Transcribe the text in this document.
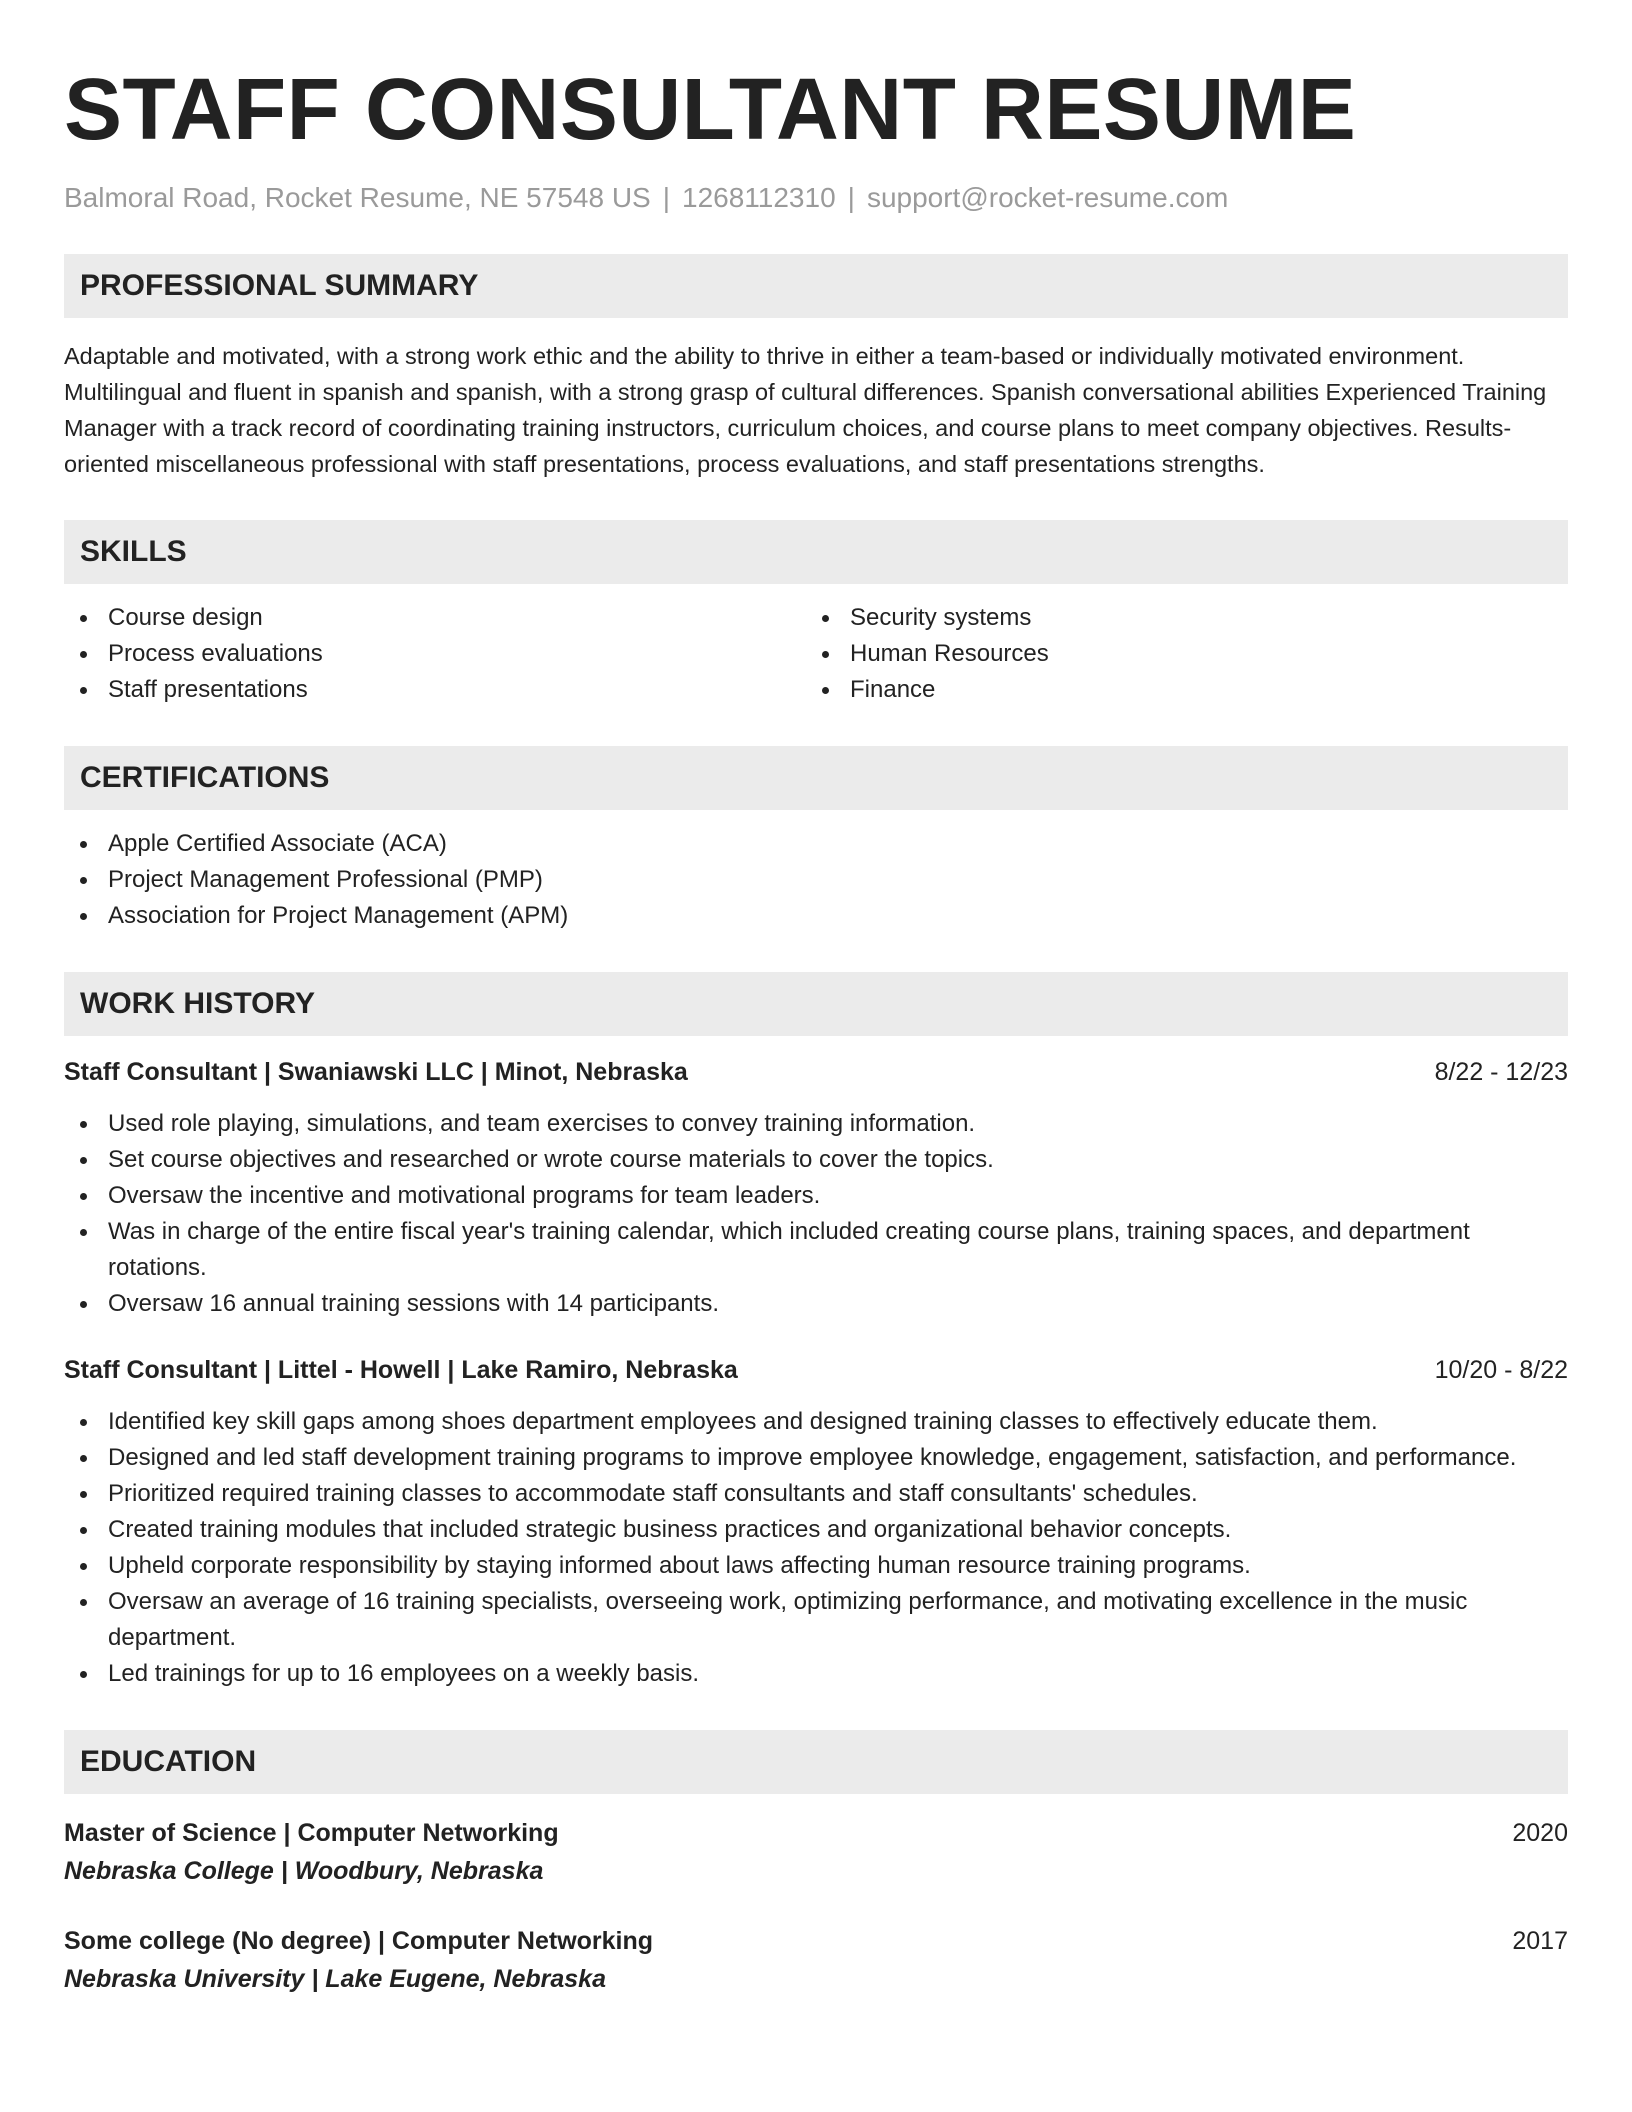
STAFF CONSULTANT RESUME
Balmoral Road, Rocket Resume, NE 57548 US | 1268112310 | support@rocket-resume.com
PROFESSIONAL SUMMARY

Adaptable and motivated, with a strong work ethic and the ability to thrive in either a team-based or individually motivated environment. Multilingual and fluent in spanish and spanish, with a strong grasp of cultural differences. Spanish conversational abilities Experienced Training Manager with a track record of coordinating training instructors, curriculum choices, and course plans to meet company objectives. Results-oriented miscellaneous professional with staff presentations, process evaluations, and staff presentations strengths.

SKILLS
Course design
Process evaluations
Staff presentations
Security systems
Human Resources
Finance
CERTIFICATIONS
Apple Certified Associate (ACA)
Project Management Professional (PMP)
Association for Project Management (APM)
WORK HISTORY
Staff Consultant | Swaniawski LLC | Minot, Nebraska	8/22 - 12/23
Used role playing, simulations, and team exercises to convey training information.
Set course objectives and researched or wrote course materials to cover the topics.
Oversaw the incentive and motivational programs for team leaders.
Was in charge of the entire fiscal year's training calendar, which included creating course plans, training spaces, and department rotations.
Oversaw 16 annual training sessions with 14 participants.
Staff Consultant | Littel - Howell | Lake Ramiro, Nebraska	10/20 - 8/22
Identified key skill gaps among shoes department employees and designed training classes to effectively educate them.
Designed and led staff development training programs to improve employee knowledge, engagement, satisfaction, and performance.
Prioritized required training classes to accommodate staff consultants and staff consultants' schedules.
Created training modules that included strategic business practices and organizational behavior concepts.
Upheld corporate responsibility by staying informed about laws affecting human resource training programs.
Oversaw an average of 16 training specialists, overseeing work, optimizing performance, and motivating excellence in the music department.
Led trainings for up to 16 employees on a weekly basis.
EDUCATION
Master of Science | Computer Networking	2020
Nebraska College | Woodbury, Nebraska
Some college (No degree) | Computer Networking	2017
Nebraska University | Lake Eugene, Nebraska
